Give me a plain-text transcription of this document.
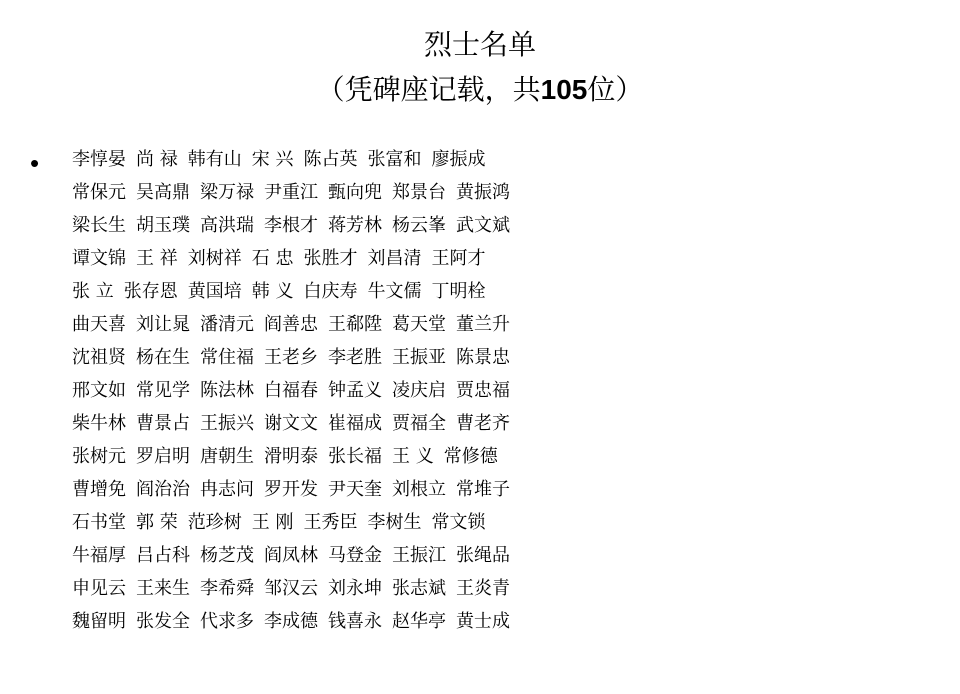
烈士名单
（凭碑座记载，共105位）
• 李惇晏 尚 禄 韩有山 宋 兴 陈占英 张富和 廖振成
常保元 吴高鼎 梁万禄 尹重江 甄向兜 郑景台 黄振鸿
梁长生 胡玉璞 高洪瑞 李根才 蒋芳林 杨云峯 武文斌
谭文锦 王 祥 刘树祥 石 忠 张胜才 刘昌清 王阿才
张 立 张存恩 黄国培 韩 义 白庆寿 牛文儒 丁明栓
曲天喜 刘让晁 潘清元 阎善忠 王郗陞 葛天堂 董兰升
沈祖贤 杨在生 常住福 王老乡 李老胜 王振亚 陈景忠
邢文如 常见学 陈法林 白福春 钟孟义 凌庆启 贾忠福
柴牛林 曹景占 王振兴 谢文文 崔福成 贾福全 曹老齐
张树元 罗启明 唐朝生 滑明泰 张长福 王 义 常修德
曹增免 阎治治 冉志问 罗开发 尹天奎 刘根立 常堆子
石书堂 郭 荣 范珍树 王 刚 王秀臣 李树生 常文锁
牛福厚 吕占科 杨芝茂 阎凤林 马登金 王振江 张绳品
申见云 王来生 李希舜 邹汉云 刘永坤 张志斌 王炎青
魏留明 张发全 代求多 李成德 钱喜永 赵华亭 黄士成
